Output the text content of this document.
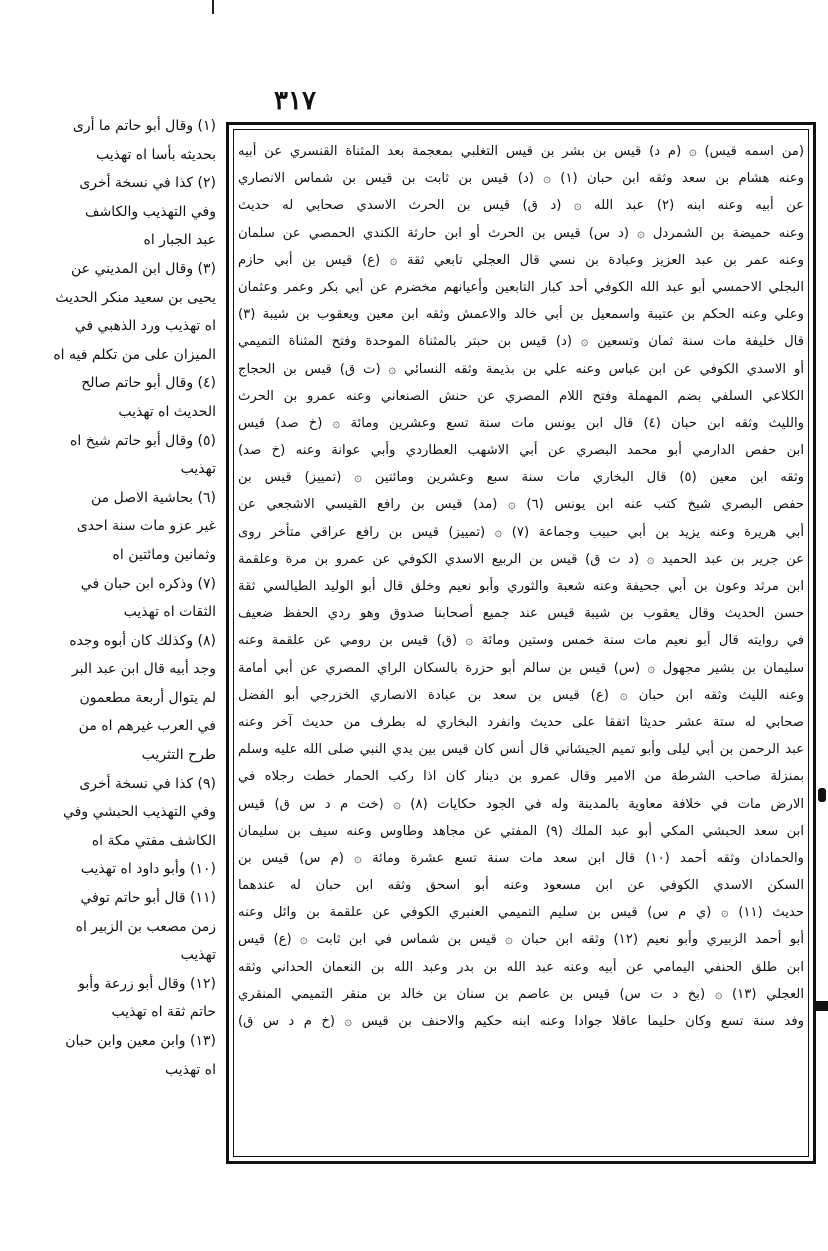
٣١٧
(من اسمه قيس) ۞ (م د) قيس بن بشر بن قيس التغلبي بمعجمة بعد المثناة القنسري عن أبيه
وعنه هشام بن سعد وثقه ابن حبان (١) ۞ (د) قيس بن ثابت بن قيس بن شماس الانصاري
عن أبيه وعنه ابنه (٢) عبد الله ۞ (د ق) قيس بن الحرث الاسدي صحابي له حديث
وعنه حميضة بن الشمردل ۞ (د س) قيس بن الحرث أو ابن حارثة الكندي الحمصي عن سلمان
وعنه عمر بن عبد العزيز وعبادة بن نسي قال العجلي تابعي ثقة ۞ (ع) قيس بن أبي حازم
البجلي الاحمسي أبو عبد الله الكوفي أحد كبار التابعين وأعيانهم مخضرم عن أبي بكر وعمر وعثمان
وعلي وعنه الحكم بن عتيبة واسمعيل بن أبي خالد والاعمش وثقه ابن معين ويعقوب بن شيبة (٣)
قال خليفة مات سنة ثمان وتسعين ۞ (د) قيس بن حبتر بالمثناة الموحدة وفتح المثناة التميمي
أو الاسدي الكوفي عن ابن عباس وعنه علي بن بذيمة وثقه النسائي ۞ (ت ق) قيس بن الحجاج
الكلاعي السلفي بضم المهملة وفتح اللام المصري عن حنش الصنعاني وعنه عمرو بن الحرث
والليث وثقه ابن حبان (٤) قال ابن يونس مات سنة تسع وعشرين ومائة ۞ (خ صد) قيس
ابن حفص الدارمي أبو محمد البصري عن أبي الاشهب العطاردي وأبي عوانة وعنه (خ صد)
وثقه ابن معين (٥) قال البخاري مات سنة سبع وعشرين ومائتين ۞ (تمييز) قيس بن
حفص البصري شيخ كتب عنه ابن يونس (٦) ۞ (مد) قيس بن رافع القيسي الاشجعي عن
أبي هريرة وعنه يزيد بن أبي حبيب وجماعة (٧) ۞ (تمييز) قيس بن رافع عراقي متأخر روى
عن جرير بن عبد الحميد ۞ (د ت ق) قيس بن الربيع الاسدي الكوفي عن عمرو بن مرة وعلقمة
ابن مرثد وعون بن أبي جحيفة وعنه شعبة والثوري وأبو نعيم وخلق قال أبو الوليد الطيالسي ثقة
حسن الحديث وقال يعقوب بن شيبة قيس عند جميع أصحابنا صدوق وهو ردي الحفظ ضعيف
في روايته قال أبو نعيم مات سنة خمس وستين ومائة ۞ (ق) قيس بن رومي عن علقمة وعنه
سليمان بن بشير مجهول ۞ (س) قيس بن سالم أبو حزرة بالسكان الراي المصري عن أبي أمامة
وعنه الليث وثقه ابن حبان ۞ (ع) قيس بن سعد بن عبادة الانصاري الخزرجي أبو الفضل
صحابي له ستة عشر حديثا اتفقا على حديث وانفرد البخاري له بطرف من حديث آخر وعنه
عبد الرحمن بن أبي ليلى وأبو تميم الجيشاني قال أنس كان قيس بين يدي النبي صلى الله عليه وسلم
بمنزلة صاحب الشرطة من الامير وقال عمرو بن دينار كان اذا ركب الحمار خطت رجلاه في
الارض مات في خلافة معاوية بالمدينة وله في الجود حكايات (٨) ۞ (خت م د س ق) قيس
ابن سعد الحبشي المكي أبو عبد الملك (٩) المفتي عن مجاهد وطاوس وعنه سيف بن سليمان
والحمادان وثقه أحمد (١٠) قال ابن سعد مات سنة تسع عشرة ومائة ۞ (م س) قيس بن
السكن الاسدي الكوفي عن ابن مسعود وعنه أبو اسحق وثقه ابن حبان له عندهما
حديث (١١) ۞ (ي م س) قيس بن سليم التميمي العنبري الكوفي عن علقمة بن وائل وعنه
أبو أحمد الزبيري وأبو نعيم (١٢) وثقه ابن حبان ۞ قيس بن شماس في ابن ثابت ۞ (ع) قيس
ابن طلق الحنفي اليمامي عن أبيه وعنه عبد الله بن بدر وعبد الله بن النعمان الحداني وثقه
العجلي (١٣) ۞ (بخ د ت س) قيس بن عاصم بن سنان بن خالد بن منقر التميمي المنقري
وفد سنة تسع وكان حليما عاقلا جوادا وعنه ابنه حكيم والاحنف بن قيس ۞ (خ م د س ق)
(١) وقال أبو حاتم ما أرى
بحديثه بأسا اه تهذيب
(٢) كذا في نسخة أخرى
وفي التهذيب والكاشف
عبد الجبار اه
(٣) وقال ابن المديني عن
يحيى بن سعيد منكر الحديث
اه تهذيب ورد الذهبي في
الميزان على من تكلم فيه اه
(٤) وقال أبو حاتم صالح
الحديث اه تهذيب
(٥) وقال أبو حاتم شيخ اه
تهذيب
(٦) بحاشية الاصل من
غير عزو مات سنة احدى
وثمانين ومائتين اه
(٧) وذكره ابن حبان في
الثقات اه تهذيب
(٨) وكذلك كان أبوه وجده
وجد أبيه قال ابن عبد البر
لم يتوال أربعة مطعمون
في العرب غيرهم اه من
طرح التثريب
(٩) كذا في نسخة أخرى
وفي التهذيب الحبشي وفي
الكاشف مفتي مكة اه
(١٠) وأبو داود اه تهذيب
(١١) قال أبو حاتم توفي
زمن مصعب بن الزبير اه
تهذيب
(١٢) وقال أبو زرعة وأبو
حاتم ثقة اه تهذيب
(١٣) وابن معين وابن حبان
اه تهذيب
